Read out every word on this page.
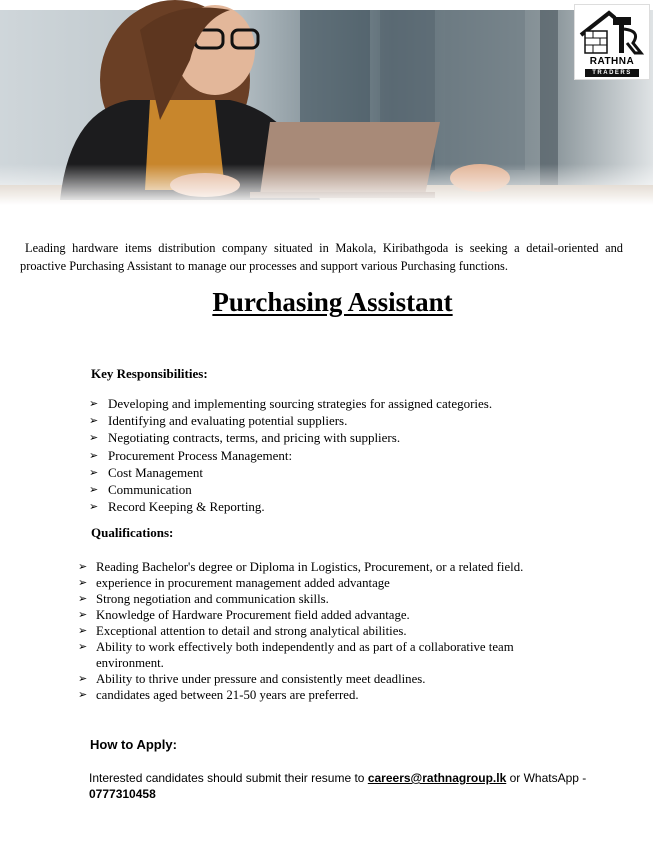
RATHNA
TRADERS

Leading hardware items distribution company situated in Makola, Kiribathgoda is seeking a detail-oriented and proactive Purchasing Assistant to manage our processes and support various Purchasing functions.

Purchasing Assistant
Key Responsibilities:
➢ Developing and implementing sourcing strategies for assigned categories.
➢ Identifying and evaluating potential suppliers.
➢ Negotiating contracts, terms, and pricing with suppliers.
➢ Procurement Process Management:
➢ Cost Management
➢ Communication
➢ Record Keeping & Reporting.
Qualifications:
➢ Reading Bachelor's degree or Diploma in Logistics, Procurement, or a related field.
➢ experience in procurement management added advantage
➢ Strong negotiation and communication skills.
➢ Knowledge of Hardware Procurement field added advantage.
➢ Exceptional attention to detail and strong analytical abilities.
➢ Ability to work effectively both independently and as part of a collaborative team environment.
➢ Ability to thrive under pressure and consistently meet deadlines.
➢ candidates aged between 21-50 years are preferred.
How to Apply:
Interested candidates should submit their resume to careers@rathnagroup.lk or WhatsApp -
0777310458
